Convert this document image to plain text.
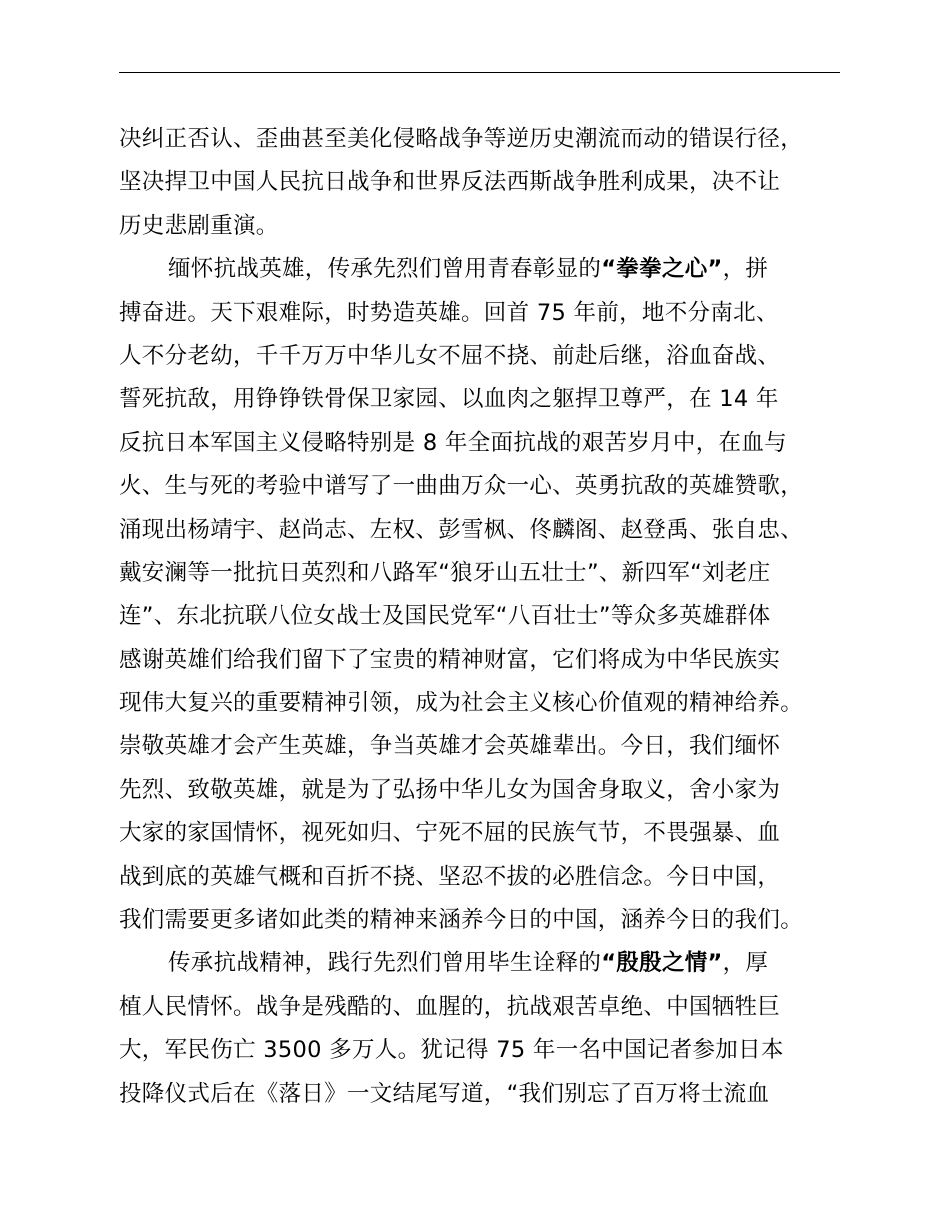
决纠正否认、歪曲甚至美化侵略战争等逆历史潮流而动的错误行径，
坚决捍卫中国人民抗日战争和世界反法西斯战争胜利成果，决不让
历史悲剧重演。
缅怀抗战英雄，传承先烈们曾用青春彰显的“拳拳之心”，拼
搏奋进。天下艰难际，时势造英雄。回首 75 年前，地不分南北、
人不分老幼，千千万万中华儿女不屈不挠、前赴后继，浴血奋战、
誓死抗敌，用铮铮铁骨保卫家园、以血肉之躯捍卫尊严，在 14 年
反抗日本军国主义侵略特别是 8 年全面抗战的艰苦岁月中，在血与
火、生与死的考验中谱写了一曲曲万众一心、英勇抗敌的英雄赞歌，
涌现出杨靖宇、赵尚志、左权、彭雪枫、佟麟阁、赵登禹、张自忠、
戴安澜等一批抗日英烈和八路军“狼牙山五壮士”、新四军“刘老庄
连”、东北抗联八位女战士及国民党军“八百壮士”等众多英雄群体
感谢英雄们给我们留下了宝贵的精神财富，它们将成为中华民族实
现伟大复兴的重要精神引领，成为社会主义核心价值观的精神给养。
崇敬英雄才会产生英雄，争当英雄才会英雄辈出。今日，我们缅怀
先烈、致敬英雄，就是为了弘扬中华儿女为国舍身取义，舍小家为
大家的家国情怀，视死如归、宁死不屈的民族气节，不畏强暴、血
战到底的英雄气概和百折不挠、坚忍不拔的必胜信念。今日中国，
我们需要更多诸如此类的精神来涵养今日的中国，涵养今日的我们。
传承抗战精神，践行先烈们曾用毕生诠释的“殷殷之情”，厚
植人民情怀。战争是残酷的、血腥的，抗战艰苦卓绝、中国牺牲巨
大，军民伤亡 3500 多万人。犹记得 75 年一名中国记者参加日本
投降仪式后在《落日》一文结尾写道，“我们别忘了百万将士流血
